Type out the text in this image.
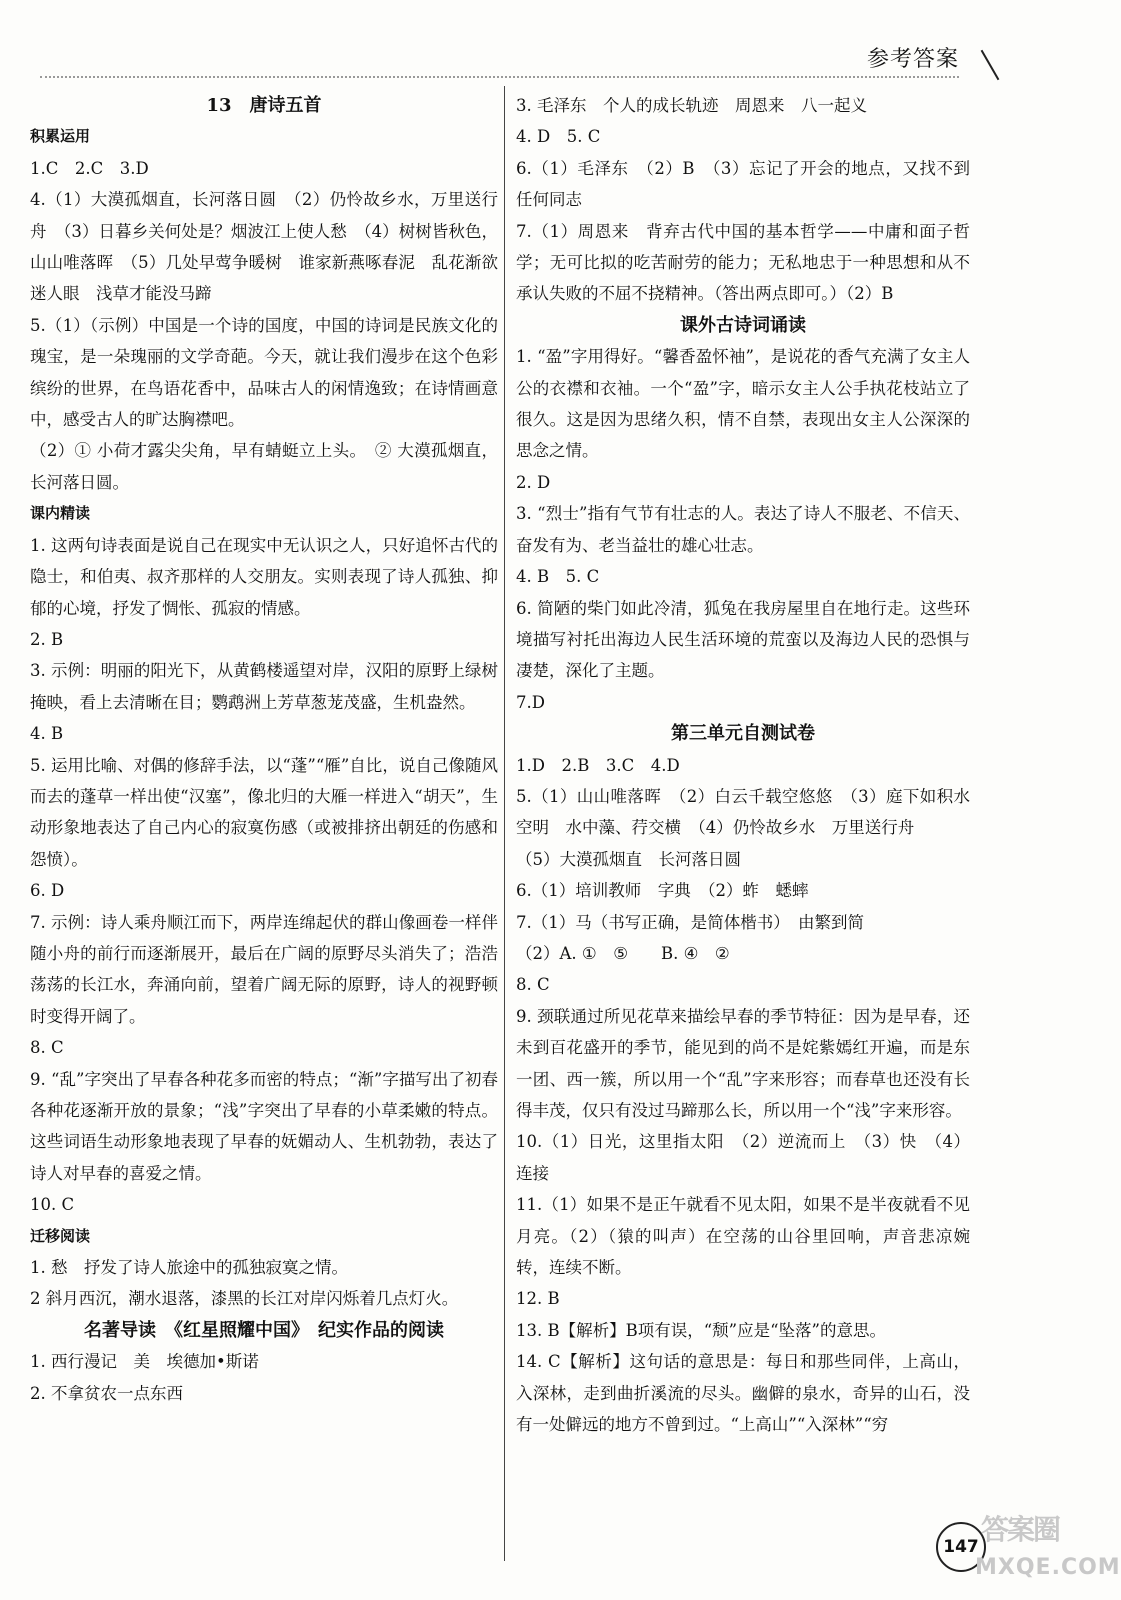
参考答案

13　唐诗五首

积累运用

1.C　2.C　3.D

4.（1）大漠孤烟直，长河落日圆　（2）仍怜故乡水，万里送行舟　（3）日暮乡关何处是？烟波江上使人愁　（4）树树皆秋色，山山唯落晖　（5）几处早莺争暖树　谁家新燕啄春泥　乱花渐欲迷人眼　浅草才能没马蹄

5.（1）（示例）中国是一个诗的国度，中国的诗词是民族文化的瑰宝，是一朵瑰丽的文学奇葩。今天，就让我们漫步在这个色彩缤纷的世界，在鸟语花香中，品味古人的闲情逸致；在诗情画意中，感受古人的旷达胸襟吧。

（2）① 小荷才露尖尖角，早有蜻蜓立上头。　② 大漠孤烟直，长河落日圆。

课内精读

1. 这两句诗表面是说自己在现实中无认识之人，只好追怀古代的隐士，和伯夷、叔齐那样的人交朋友。实则表现了诗人孤独、抑郁的心境，抒发了惆怅、孤寂的情感。

2. B

3. 示例：明丽的阳光下，从黄鹤楼遥望对岸，汉阳的原野上绿树掩映，看上去清晰在目；鹦鹉洲上芳草葱茏茂盛，生机盎然。

4. B

5. 运用比喻、对偶的修辞手法，以“蓬”“雁”自比，说自己像随风而去的蓬草一样出使“汉塞”，像北归的大雁一样进入“胡天”，生动形象地表达了自己内心的寂寞伤感（或被排挤出朝廷的伤感和怨愤）。

6. D

7. 示例：诗人乘舟顺江而下，两岸连绵起伏的群山像画卷一样伴随小舟的前行而逐渐展开，最后在广阔的原野尽头消失了；浩浩荡荡的长江水，奔涌向前，望着广阔无际的原野，诗人的视野顿时变得开阔了。

8. C

9. “乱”字突出了早春各种花多而密的特点；“渐”字描写出了初春各种花逐渐开放的景象；“浅”字突出了早春的小草柔嫩的特点。这些词语生动形象地表现了早春的妩媚动人、生机勃勃，表达了诗人对早春的喜爱之情。

10. C

迁移阅读

1. 愁　抒发了诗人旅途中的孤独寂寞之情。

2 斜月西沉，潮水退落，漆黑的长江对岸闪烁着几点灯火。

名著导读　《红星照耀中国》　纪实作品的阅读

1. 西行漫记　美　埃德加•斯诺

2. 不拿贫农一点东西

3. 毛泽东　个人的成长轨迹　周恩来　八一起义

4. D　5. C

6.（1）毛泽东　（2）B　（3）忘记了开会的地点，又找不到任何同志

7.（1）周恩来　背弃古代中国的基本哲学——中庸和面子哲学；无可比拟的吃苦耐劳的能力；无私地忠于一种思想和从不承认失败的不屈不挠精神。（答出两点即可。）（2）B

课外古诗词诵读

1. “盈”字用得好。“馨香盈怀袖”，是说花的香气充满了女主人公的衣襟和衣袖。一个“盈”字，暗示女主人公手执花枝站立了很久。这是因为思绪久积，情不自禁，表现出女主人公深深的思念之情。

2. D

3. “烈士”指有气节有壮志的人。表达了诗人不服老、不信天、奋发有为、老当益壮的雄心壮志。

4. B　5. C

6. 简陋的柴门如此冷清，狐兔在我房屋里自在地行走。这些环境描写衬托出海边人民生活环境的荒蛮以及海边人民的恐惧与凄楚，深化了主题。

7.D

第三单元自测试卷

1.D　2.B　3.C　4.D

5.（1）山山唯落晖　（2）白云千载空悠悠　（3）庭下如积水空明　水中藻、荇交横　（4）仍怜故乡水　万里送行舟

（5）大漠孤烟直　长河落日圆

6.（1）培训教师　字典　（2）蚱　蟋蟀

7.（1）马（书写正确，是简体楷书）　由繁到简

（2）A. ①　⑤　　B. ④　②

8. C

9. 颈联通过所见花草来描绘早春的季节特征：因为是早春，还未到百花盛开的季节，能见到的尚不是姹紫嫣红开遍，而是东一团、西一簇，所以用一个“乱”字来形容；而春草也还没有长得丰茂，仅只有没过马蹄那么长，所以用一个“浅”字来形容。

10.（1）日光，这里指太阳　（2）逆流而上　（3）快　（4）连接

11.（1）如果不是正午就看不见太阳，如果不是半夜就看不见月亮。（2）（猿的叫声）在空荡的山谷里回响，声音悲凉婉转，连续不断。

12. B

13. B【解析】B项有误，“颓”应是“坠落”的意思。

14. C【解析】这句话的意思是：每日和那些同伴，上高山，入深林，走到曲折溪流的尽头。幽僻的泉水，奇异的山石，没有一处僻远的地方不曾到过。“上高山”“入深林”“穷

147
答案圈
MXQE.COM
